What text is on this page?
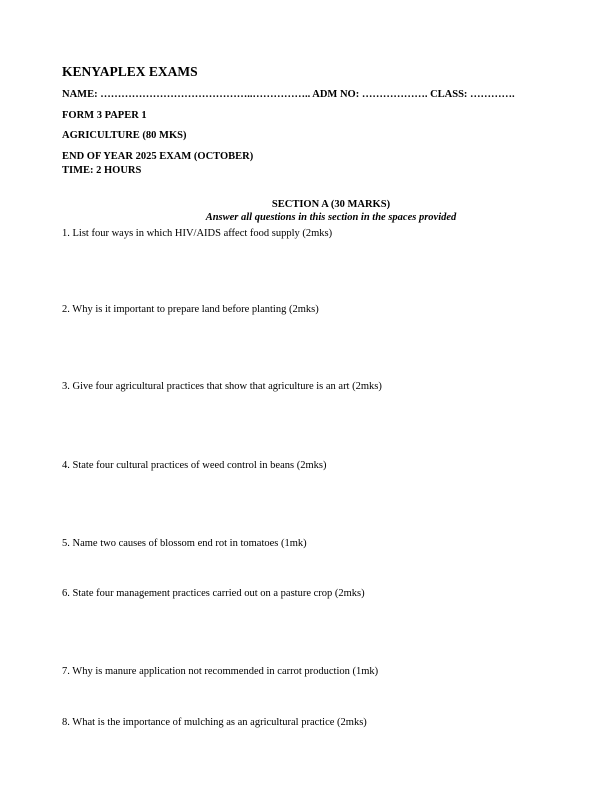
KENYAPLEX EXAMS
NAME: ……………………………………..…………….. ADM NO: ………………. CLASS: ………….
FORM 3 PAPER 1
AGRICULTURE (80 MKS)
END OF YEAR 2025 EXAM (OCTOBER)
TIME: 2 HOURS
SECTION A (30 MARKS)
Answer all questions in this section in the spaces provided
1. List four ways in which HIV/AIDS affect food supply (2mks)
2. Why is it important to prepare land before planting (2mks)
3. Give four agricultural practices that show that agriculture is an art (2mks)
4. State four cultural practices of weed control in beans (2mks)
5. Name two causes of blossom end rot in tomatoes (1mk)
6. State four management practices carried out on a pasture crop (2mks)
7. Why is manure application not recommended in carrot production (1mk)
8. What is the importance of mulching as an agricultural practice (2mks)
